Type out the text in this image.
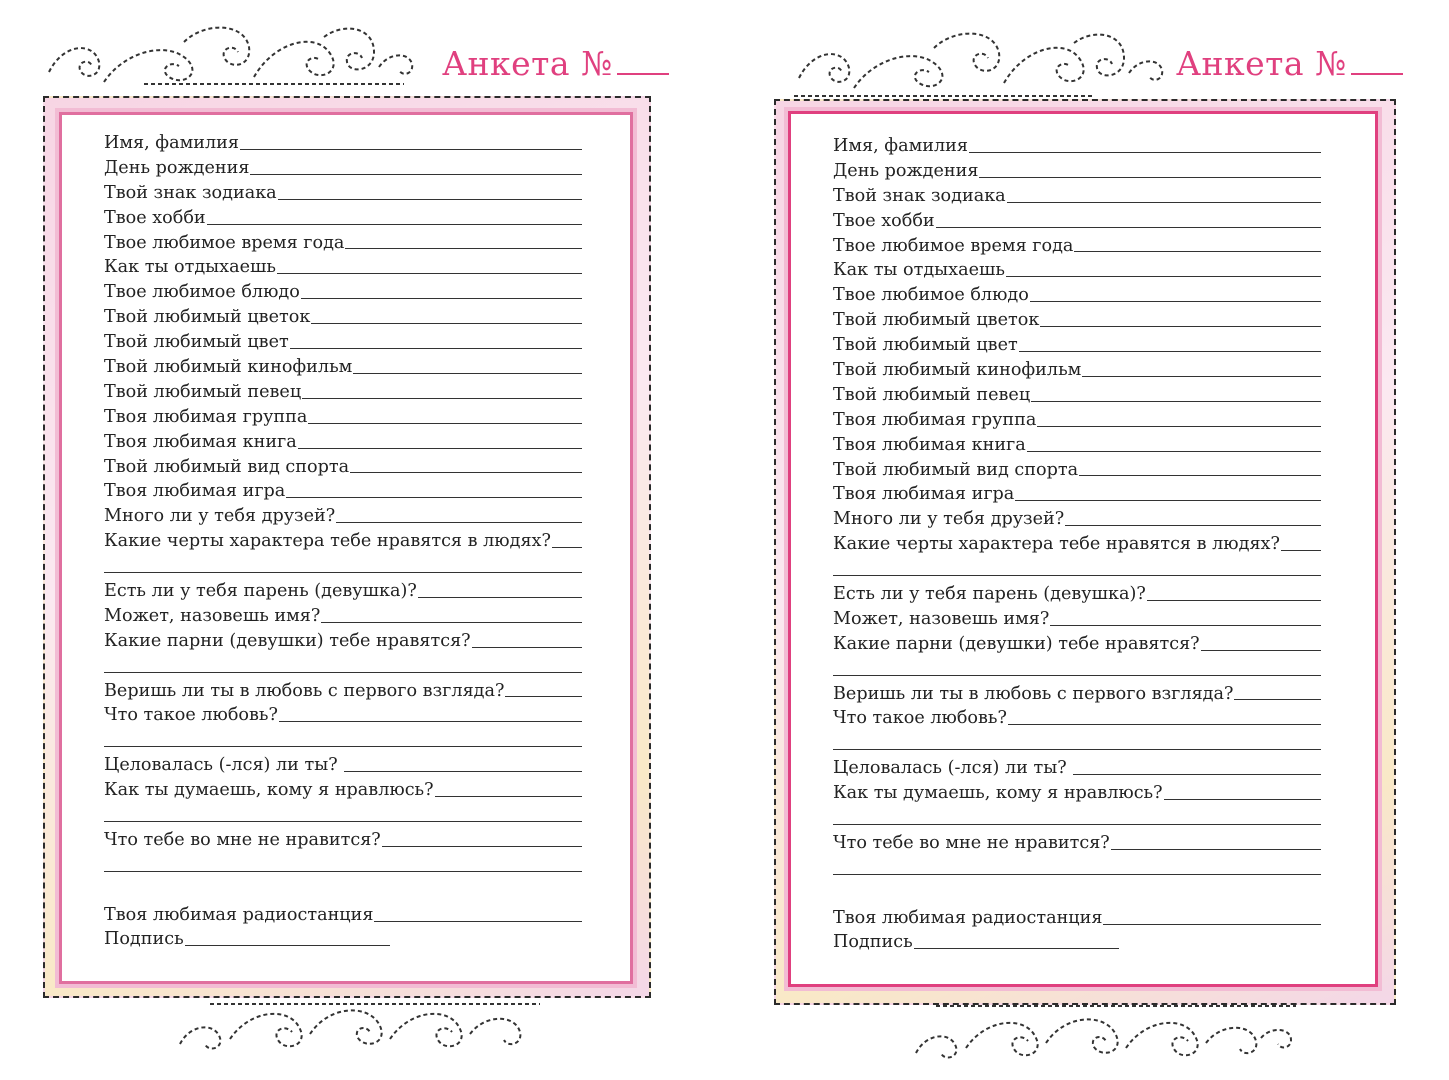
Анкета №
Имя, фамилия
День рождения
Твой знак зодиака
Твое хобби
Твое любимое время года
Как ты отдыхаешь
Твое любимое блюдо
Твой любимый цветок
Твой любимый цвет
Твой любимый кинофильм
Твой любимый певец
Твоя любимая группа
Твоя любимая книга
Твой любимый вид спорта
Твоя любимая игра
Много ли у тебя друзей?
Какие черты характера тебе нравятся в людях?
Есть ли у тебя парень (девушка)?
Может, назовешь имя?
Какие парни (девушки) тебе нравятся?
Веришь ли ты в любовь с первого взгляда?
Что такое любовь?
Целовалась (-лся) ли ты?
Как ты думаешь, кому я нравлюсь?
Что тебе во мне не нравится?
Твоя любимая радиостанция
Подпись
Анкета №
Имя, фамилия
День рождения
Твой знак зодиака
Твое хобби
Твое любимое время года
Как ты отдыхаешь
Твое любимое блюдо
Твой любимый цветок
Твой любимый цвет
Твой любимый кинофильм
Твой любимый певец
Твоя любимая группа
Твоя любимая книга
Твой любимый вид спорта
Твоя любимая игра
Много ли у тебя друзей?
Какие черты характера тебе нравятся в людях?
Есть ли у тебя парень (девушка)?
Может, назовешь имя?
Какие парни (девушки) тебе нравятся?
Веришь ли ты в любовь с первого взгляда?
Что такое любовь?
Целовалась (-лся) ли ты?
Как ты думаешь, кому я нравлюсь?
Что тебе во мне не нравится?
Твоя любимая радиостанция
Подпись
